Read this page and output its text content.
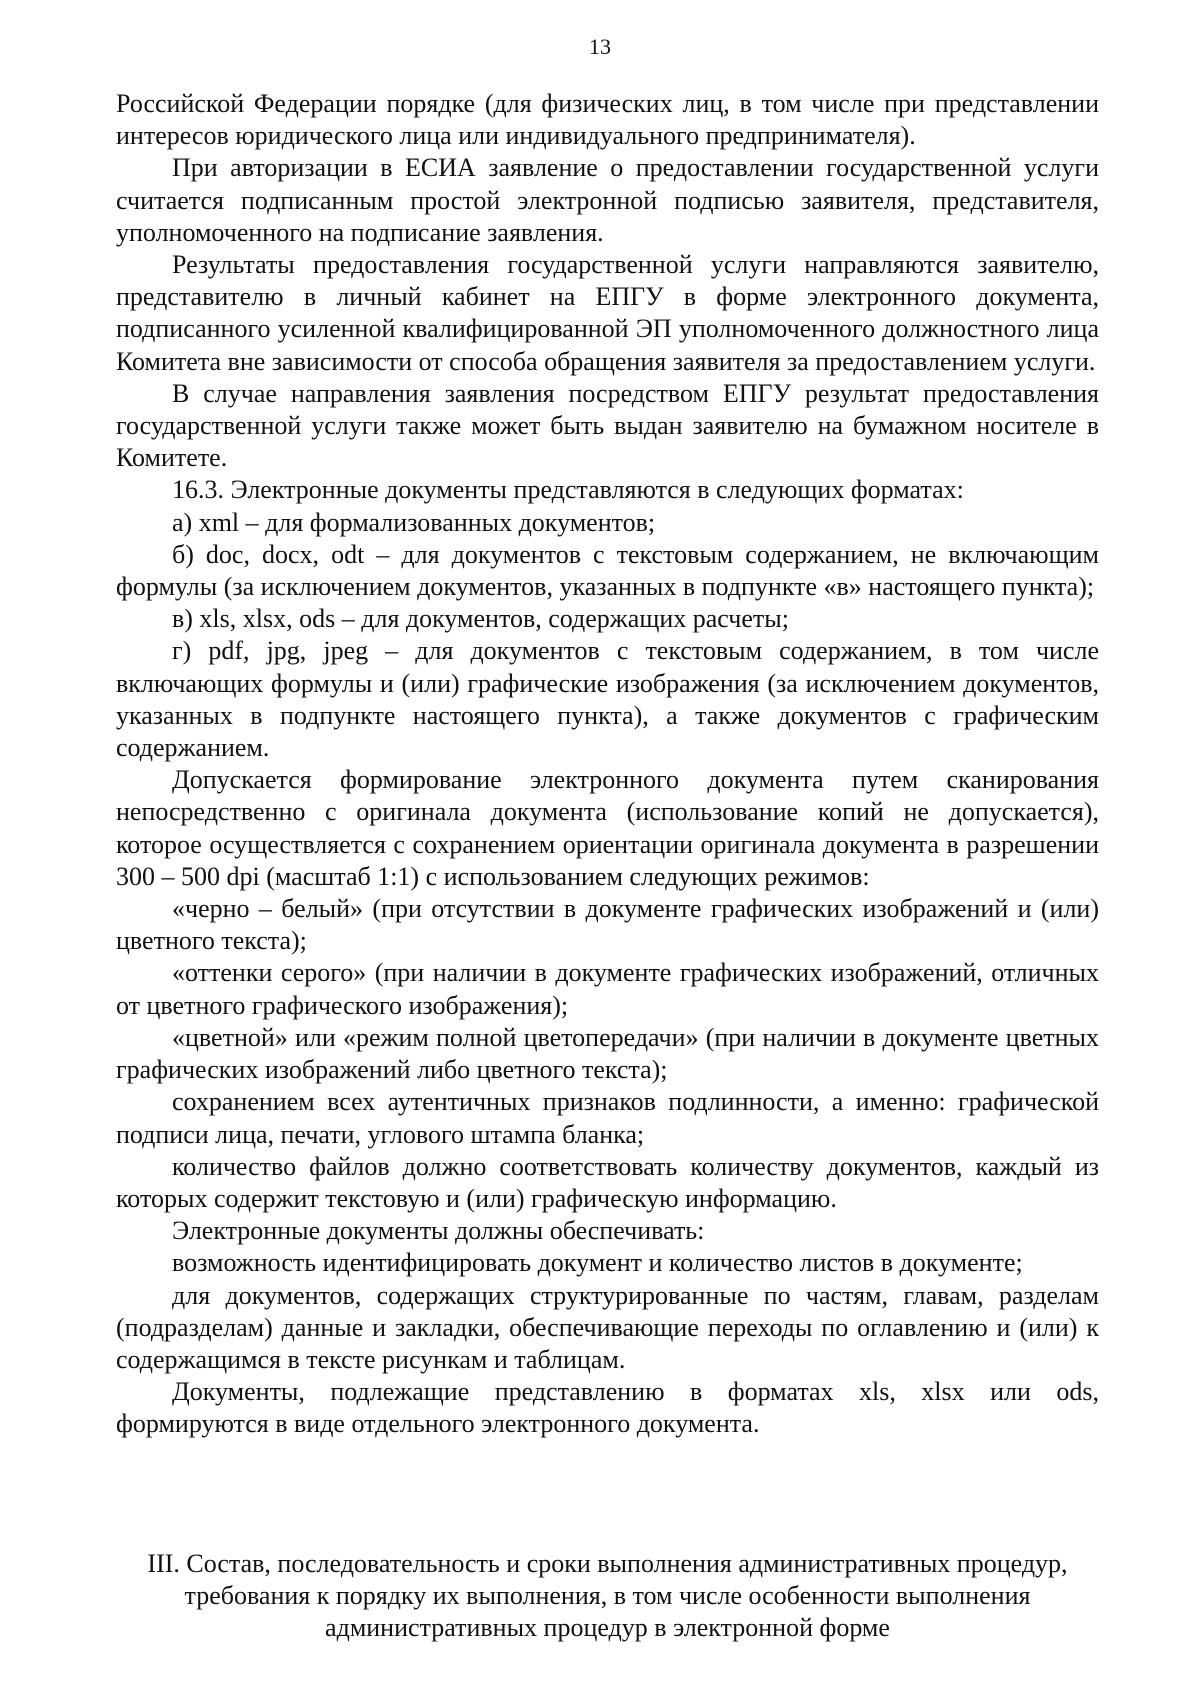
13

Российской Федерации порядке (для физических лиц, в том числе при представлении интересов юридического лица или индивидуального предпринимателя).

При авторизации в ЕСИА заявление о предоставлении государственной услуги считается подписанным простой электронной подписью заявителя, представителя, уполномоченного на подписание заявления.

Результаты предоставления государственной услуги направляются заявителю, представителю в личный кабинет на ЕПГУ в форме электронного документа, подписанного усиленной квалифицированной ЭП уполномоченного должностного лица Комитета вне зависимости от способа обращения заявителя за предоставлением услуги.

В случае направления заявления посредством ЕПГУ результат предоставления государственной услуги также может быть выдан заявителю на бумажном носителе в Комитете.

16.3. Электронные документы представляются в следующих форматах:

а) xml – для формализованных документов;

б) doc, docx, odt – для документов с текстовым содержанием, не включающим формулы (за исключением документов, указанных в подпункте «в» настоящего пункта);

в) xls, xlsx, ods – для документов, содержащих расчеты;

г) pdf, jpg, jpeg – для документов с текстовым содержанием, в том числе включающих формулы и (или) графические изображения (за исключением документов, указанных в подпункте настоящего пункта), а также документов с графическим содержанием.

Допускается формирование электронного документа путем сканирования непосредственно с оригинала документа (использование копий не допускается), которое осуществляется с сохранением ориентации оригинала документа в разрешении 300 – 500 dpi (масштаб 1:1) с использованием следующих режимов:

«черно – белый» (при отсутствии в документе графических изображений и (или) цветного текста);

«оттенки серого» (при наличии в документе графических изображений, отличных от цветного графического изображения);

«цветной» или «режим полной цветопередачи» (при наличии в документе цветных графических изображений либо цветного текста);

сохранением всех аутентичных признаков подлинности, а именно: графической подписи лица, печати, углового штампа бланка;

количество файлов должно соответствовать количеству документов, каждый из которых содержит текстовую и (или) графическую информацию.

Электронные документы должны обеспечивать:

возможность идентифицировать документ и количество листов в документе;

для документов, содержащих структурированные по частям, главам, разделам (подразделам) данные и закладки, обеспечивающие переходы по оглавлению и (или) к содержащимся в тексте рисункам и таблицам.

Документы, подлежащие представлению в форматах xls, xlsx или ods, формируются в виде отдельного электронного документа.

III. Состав, последовательность и сроки выполнения административных процедур, требования к порядку их выполнения, в том числе особенности выполнения административных процедур в электронной форме
